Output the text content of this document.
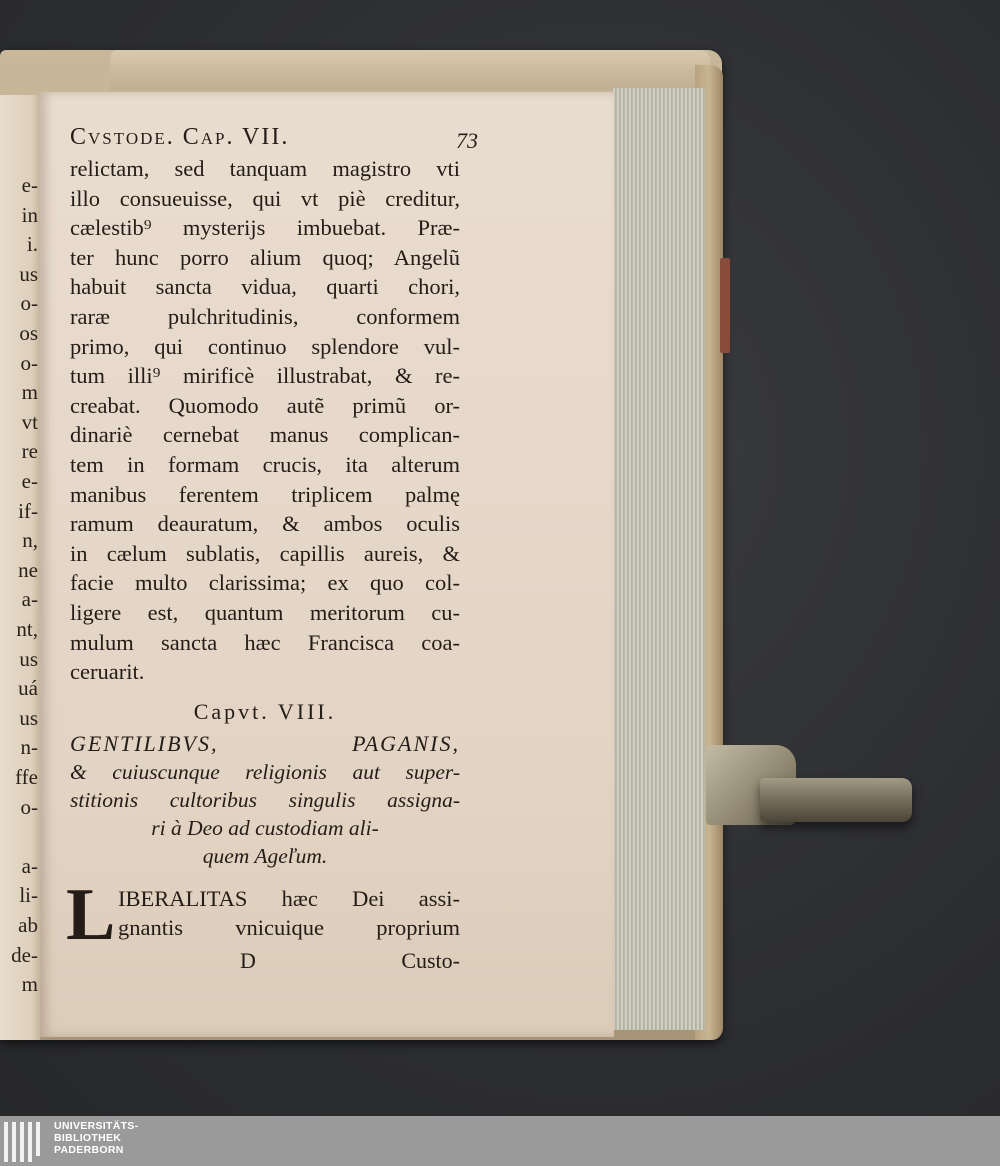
e-
in
i.
us
o-
os
o-
m
vt
re
e-
if-
n,
ne
a-
nt,
us
uá
us
n-
ffe
o-
a-
li-
ab
de-
m
Cvstode. Cap. VII.	73
relictam, sed tanquam magistro vti
illo consueuisse, qui vt piè creditur,
cælestib⁹ mysterijs imbuebat. Præ-
ter hunc porro alium quoq; Angelũ
habuit sancta vidua, quarti chori,
raræ pulchritudinis, conformem
primo, qui continuo splendore vul-
tum illi⁹ mirificè illustrabat, & re-
creabat. Quomodo autẽ primũ or-
dinariè cernebat manus complican-
tem in formam crucis, ita alterum
manibus ferentem triplicem palmę
ramum deauratum, & ambos oculis
in cælum sublatis, capillis aureis, &
facie multo clarissima; ex quo col-
ligere est, quantum meritorum cu-
mulum sancta hæc Francisca coa-
ceruarit.
Capvt. VIII.
GENTILIBVS, PAGANIS,
& cuiuscunque religionis aut super-
stitionis cultoribus singulis assigna-
ri à Deo ad custodiam ali-
quem Ageľum.
L IBERALITAS hæc Dei assi-
gnantis vnicuique proprium
D	Custo-
UNIVERSITÄTS-
BIBLIOTHEK
PADERBORN
